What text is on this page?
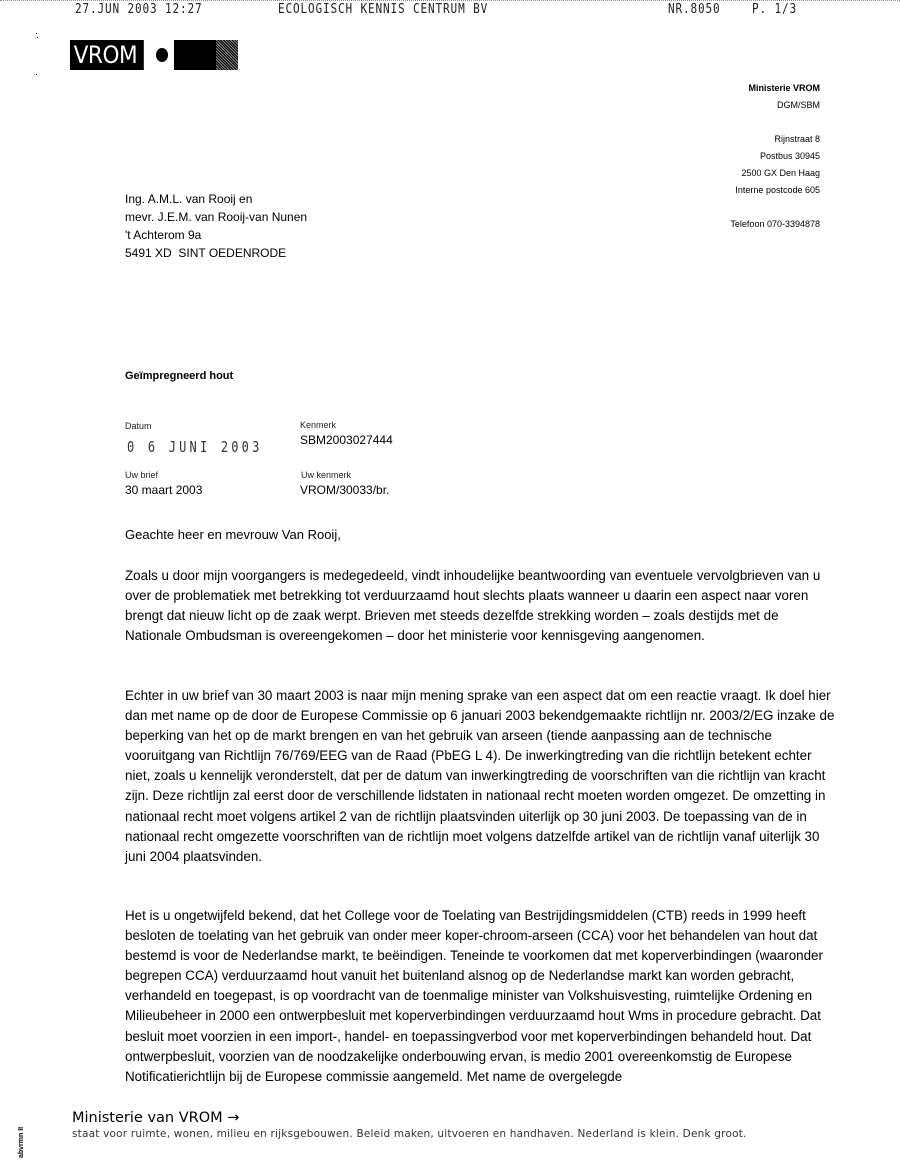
27.JUN 2003 12:27	ECOLOGISCH KENNIS CENTRUM BV	NR.8050 P. 1/3
VROM
Ministerie VROM
DGM/SBM
Rijnstraat 8
Postbus 30945
2500 GX Den Haag
Interne postcode 605
Telefoon 070-3394878
Ing. A.M.L. van Rooij en
mevr. J.E.M. van Rooij-van Nunen
't Achterom 9a
5491 XD  SINT OEDENRODE
Geïmpregneerd hout
Datum
0 6 JUNI 2003
Kenmerk
SBM2003027444
Uw brief
30 maart 2003
Uw kenmerk
VROM/30033/br.
Geachte heer en mevrouw Van Rooij,
Zoals u door mijn voorgangers is medegedeeld, vindt inhoudelijke beantwoording van eventuele vervolgbrieven van u over de problematiek met betrekking tot verduurzaamd hout slechts plaats wanneer u daarin een aspect naar voren brengt dat nieuw licht op de zaak werpt. Brieven met steeds dezelfde strekking worden – zoals destijds met de Nationale Ombudsman is overeengekomen – door het ministerie voor kennisgeving aangenomen.
Echter in uw brief van 30 maart 2003 is naar mijn mening sprake van een aspect dat om een reactie vraagt. Ik doel hier dan met name op de door de Europese Commissie op 6 januari 2003 bekendgemaakte richtlijn nr. 2003/2/EG inzake de beperking van het op de markt brengen en van het gebruik van arseen (tiende aanpassing aan de technische vooruitgang van Richtlijn 76/769/EEG van de Raad (PbEG L 4). De inwerkingtreding van die richtlijn betekent echter niet, zoals u kennelijk veronderstelt, dat per de datum van inwerkingtreding de voorschriften van die richtlijn van kracht zijn. Deze richtlijn zal eerst door de verschillende lidstaten in nationaal recht moeten worden omgezet. De omzetting in nationaal recht moet volgens artikel 2 van de richtlijn plaatsvinden uiterlijk op 30 juni 2003. De toepassing van de in nationaal recht omgezette voorschriften van de richtlijn moet volgens datzelfde artikel van de richtlijn vanaf uiterlijk 30 juni 2004 plaatsvinden.
Het is u ongetwijfeld bekend, dat het College voor de Toelating van Bestrijdingsmiddelen (CTB) reeds in 1999 heeft besloten de toelating van het gebruik van onder meer koper-chroom-arseen (CCA) voor het behandelen van hout dat bestemd is voor de Nederlandse markt, te beëindigen. Teneinde te voorkomen dat met koperverbindingen (waaronder begrepen CCA) verduurzaamd hout vanuit het buitenland alsnog op de Nederlandse markt kan worden gebracht, verhandeld en toegepast, is op voordracht van de toenmalige minister van Volkshuisvesting, ruimtelijke Ordening en Milieubeheer in 2000 een ontwerpbesluit met koperverbindingen verduurzaamd hout Wms in procedure gebracht. Dat besluit moet voorzien in een import-, handel- en toepassingverbod voor met koperverbindingen behandeld hout. Dat ontwerpbesluit, voorzien van de noodzakelijke onderbouwing ervan, is medio 2001 overeenkomstig de Europese Notificatierichtlijn bij de Europese commissie aangemeld. Met name de overgelegde
Ministerie van VROM →
staat voor ruimte, wonen, milieu en rijksgebouwen. Beleid maken, uitvoeren en handhaven. Nederland is klein. Denk groot.
abvrmn II
